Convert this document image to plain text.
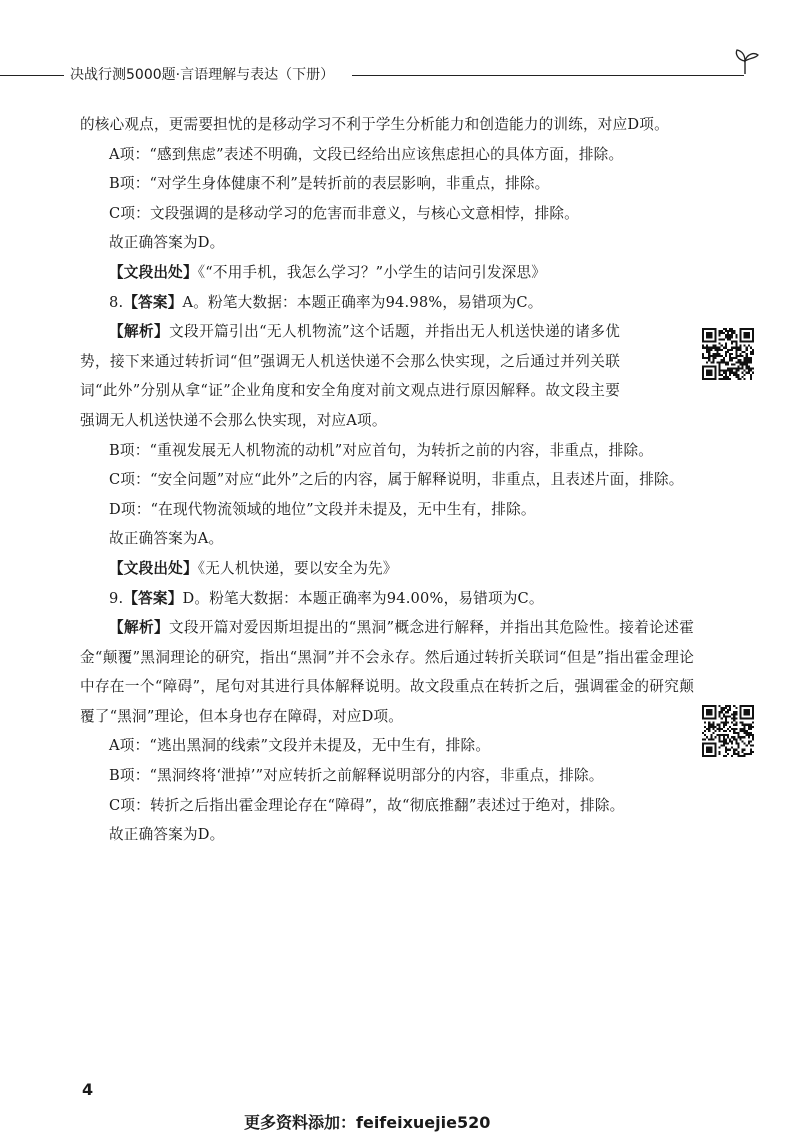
决战行测5000题·言语理解与表达（下册）

的核心观点，更需要担忧的是移动学习不利于学生分析能力和创造能力的训练，对应D项。

A项：“感到焦虑”表述不明确，文段已经给出应该焦虑担心的具体方面，排除。

B项：“对学生身体健康不利”是转折前的表层影响，非重点，排除。

C项：文段强调的是移动学习的危害而非意义，与核心文意相悖，排除。

故正确答案为D。

【文段出处】《“不用手机，我怎么学习？”小学生的诘问引发深思》

8.【答案】A。粉笔大数据：本题正确率为94.98%，易错项为C。

【解析】文段开篇引出“无人机物流”这个话题，并指出无人机送快递的诸多优势，接下来通过转折词“但”强调无人机送快递不会那么快实现，之后通过并列关联词“此外”分别从拿“证”企业角度和安全角度对前文观点进行原因解释。故文段主要强调无人机送快递不会那么快实现，对应A项。

B项：“重视发展无人机物流的动机”对应首句，为转折之前的内容，非重点，排除。

C项：“安全问题”对应“此外”之后的内容，属于解释说明，非重点，且表述片面，排除。

D项：“在现代物流领域的地位”文段并未提及，无中生有，排除。

故正确答案为A。

【文段出处】《无人机快递，要以安全为先》

9.【答案】D。粉笔大数据：本题正确率为94.00%，易错项为C。

【解析】文段开篇对爱因斯坦提出的“黑洞”概念进行解释，并指出其危险性。接着论述霍金“颠覆”黑洞理论的研究，指出“黑洞”并不会永存。然后通过转折关联词“但是”指出霍金理论中存在一个“障碍”，尾句对其进行具体解释说明。故文段重点在转折之后，强调霍金的研究颠覆了“黑洞”理论，但本身也存在障碍，对应D项。

A项：“逃出黑洞的线索”文段并未提及，无中生有，排除。

B项：“黑洞终将‘泄掉’”对应转折之前解释说明部分的内容，非重点，排除。

C项：转折之后指出霍金理论存在“障碍”，故“彻底推翻”表述过于绝对，排除。

故正确答案为D。

4
更多资料添加：feifeixuejie520
